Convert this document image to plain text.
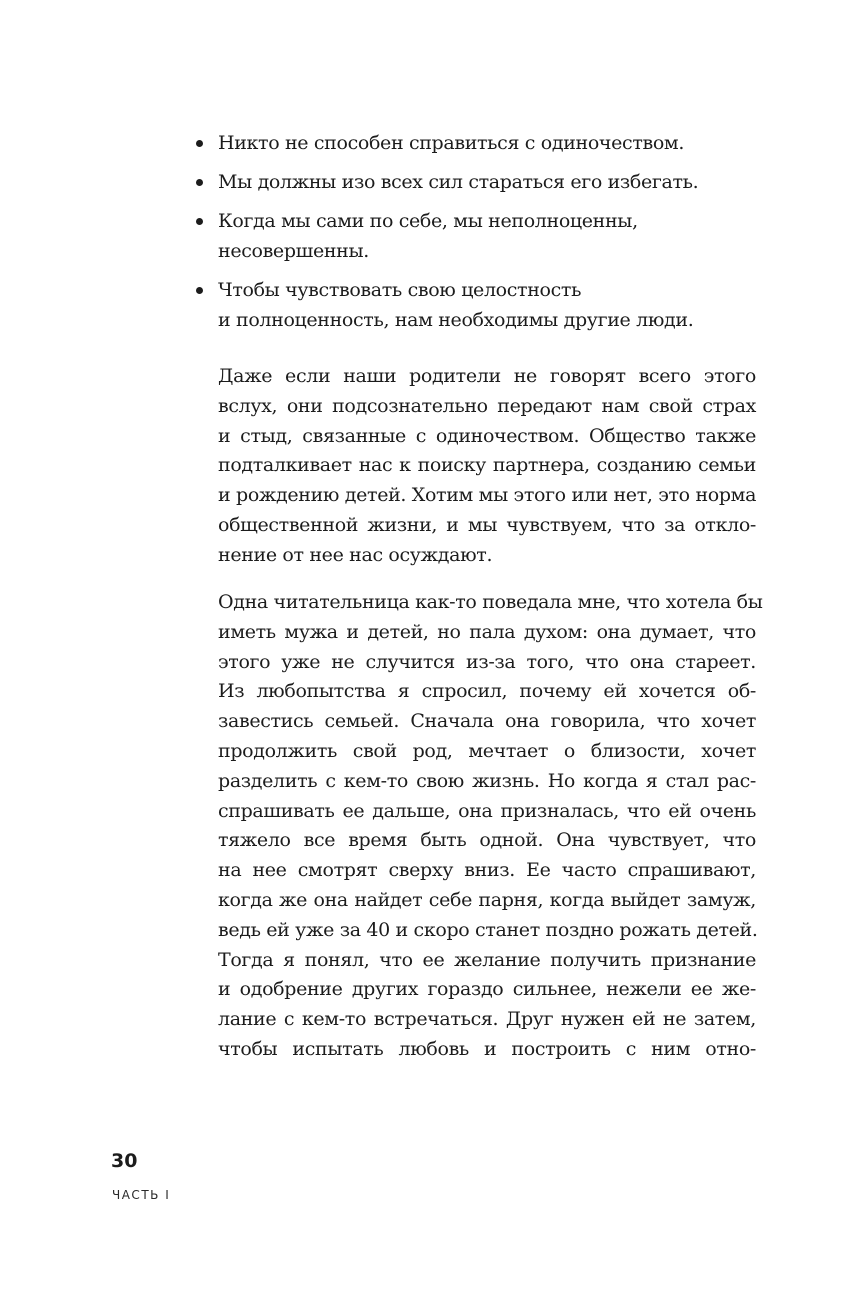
Никто не способен справиться с одиночеством.
Мы должны изо всех сил стараться его избегать.
Когда мы сами по себе, мы неполноценны,
несовершенны.
Чтобы чувствовать свою целостность
и полноценность, нам необходимы другие люди.

Даже если наши родители не говорят всего этого
вслух, они подсознательно передают нам свой страх
и стыд, связанные с одиночеством. Общество также
подталкивает нас к поиску партнера, созданию семьи
и рождению детей. Хотим мы этого или нет, это норма
общественной жизни, и мы чувствуем, что за откло-
нение от нее нас осуждают.

Одна читательница как-то поведала мне, что хотела бы
иметь мужа и детей, но пала духом: она думает, что
этого уже не случится из-за того, что она стареет.
Из любопытства я спросил, почему ей хочется об-
завестись семьей. Сначала она говорила, что хочет
продолжить свой род, мечтает о близости, хочет
разделить с кем-то свою жизнь. Но когда я стал рас-
спрашивать ее дальше, она призналась, что ей очень
тяжело все время быть одной. Она чувствует, что
на нее смотрят сверху вниз. Ее часто спрашивают,
когда же она найдет себе парня, когда выйдет замуж,
ведь ей уже за 40 и скоро станет поздно рожать детей.
Тогда я понял, что ее желание получить признание
и одобрение других гораздо сильнее, нежели ее же-
лание с кем-то встречаться. Друг нужен ей не затем,
чтобы испытать любовь и построить с ним отно-

30
ЧАСТЬ I
